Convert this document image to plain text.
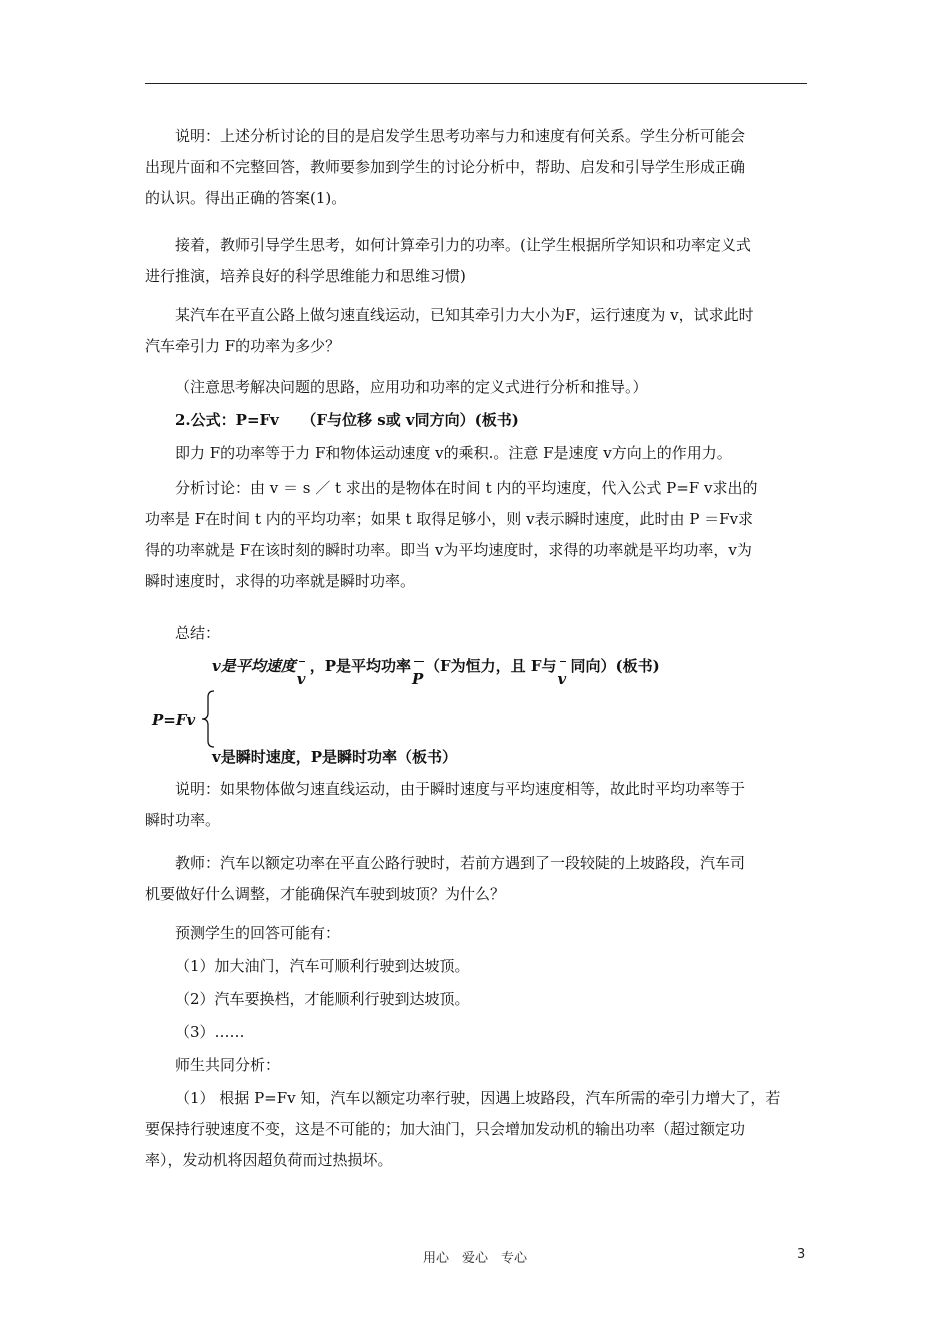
说明：上述分析讨论的目的是启发学生思考功率与力和速度有何关系。学生分析可能会
出现片面和不完整回答，教师要参加到学生的讨论分析中，帮助、启发和引导学生形成正确
的认识。得出正确的答案(1)。

接着，教师引导学生思考，如何计算牵引力的功率。(让学生根据所学知识和功率定义式
进行推演，培养良好的科学思维能力和思维习惯)

某汽车在平直公路上做匀速直线运动，已知其牵引力大小为F，运行速度为 v，试求此时
汽车牵引力 F的功率为多少？

（注意思考解决问题的思路，应用功和功率的定义式进行分析和推导。）

2.公式：P=Fv　　（F与位移 s或 v同方向）(板书)

即力 F的功率等于力 F和物体运动速度 v的乘积.。注意 F是速度 v方向上的作用力。

分析讨论：由 v ＝ s ／ t 求出的是物体在时间 t 内的平均速度，代入公式 P=F v求出的
功率是 F在时间 t 内的平均功率；如果 t 取得足够小，则 v表示瞬时速度，此时由 P ＝Fv求
得的功率就是 F在该时刻的瞬时功率。即当 v为平均速度时，求得的功率就是平均功率，v为
瞬时速度时，求得的功率就是瞬时功率。

总结：

v是平均速度
v
，P是平均功率
P
（F为恒力，且 F与
v
同向）(板书)

P=Fv

v是瞬时速度，P是瞬时功率（板书）

说明：如果物体做匀速直线运动，由于瞬时速度与平均速度相等，故此时平均功率等于
瞬时功率。

教师：汽车以额定功率在平直公路行驶时，若前方遇到了一段较陡的上坡路段，汽车司
机要做好什么调整，才能确保汽车驶到坡顶？为什么？

预测学生的回答可能有：

（1）加大油门，汽车可顺利行驶到达坡顶。

（2）汽车要换档，才能顺利行驶到达坡顶。

（3）……

师生共同分析：

（1） 根据 P=Fv 知，汽车以额定功率行驶，因遇上坡路段，汽车所需的牵引力增大了，若
要保持行驶速度不变，这是不可能的；加大油门，只会增加发动机的输出功率（超过额定功
率），发动机将因超负荷而过热损坏。

用心　爱心　专心	3
